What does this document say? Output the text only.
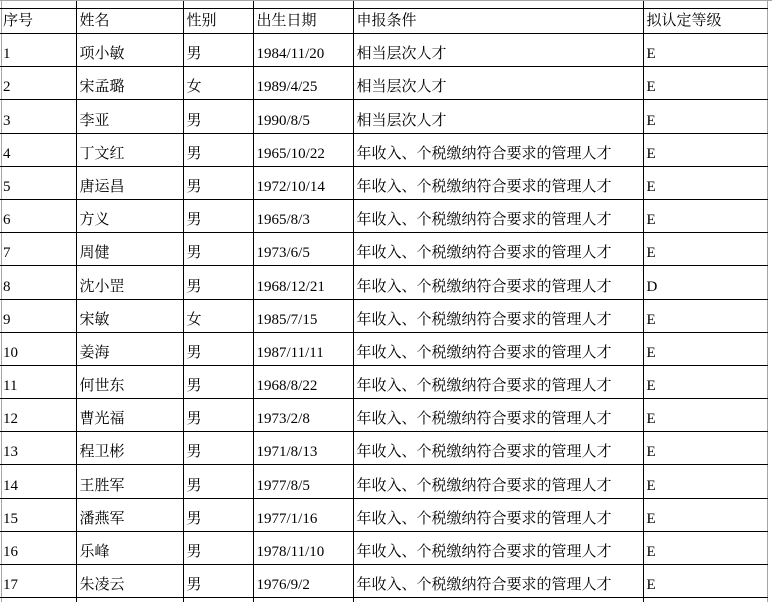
序号	姓名	性别	出生日期	申报条件	拟认定等级
1	项小敏	男	1984/11/20	相当层次人才	E
2	宋孟璐	女	1989/4/25	相当层次人才	E
3	李亚	男	1990/8/5	相当层次人才	E
4	丁文红	男	1965/10/22	年收入、个税缴纳符合要求的管理人才	E
5	唐运昌	男	1972/10/14	年收入、个税缴纳符合要求的管理人才	E
6	方义	男	1965/8/3	年收入、个税缴纳符合要求的管理人才	E
7	周健	男	1973/6/5	年收入、个税缴纳符合要求的管理人才	E
8	沈小罡	男	1968/12/21	年收入、个税缴纳符合要求的管理人才	D
9	宋敏	女	1985/7/15	年收入、个税缴纳符合要求的管理人才	E
10	姜海	男	1987/11/11	年收入、个税缴纳符合要求的管理人才	E
11	何世东	男	1968/8/22	年收入、个税缴纳符合要求的管理人才	E
12	曹光福	男	1973/2/8	年收入、个税缴纳符合要求的管理人才	E
13	程卫彬	男	1971/8/13	年收入、个税缴纳符合要求的管理人才	E
14	王胜军	男	1977/8/5	年收入、个税缴纳符合要求的管理人才	E
15	潘燕军	男	1977/1/16	年收入、个税缴纳符合要求的管理人才	E
16	乐峰	男	1978/11/10	年收入、个税缴纳符合要求的管理人才	E
17	朱凌云	男	1976/9/2	年收入、个税缴纳符合要求的管理人才	E
